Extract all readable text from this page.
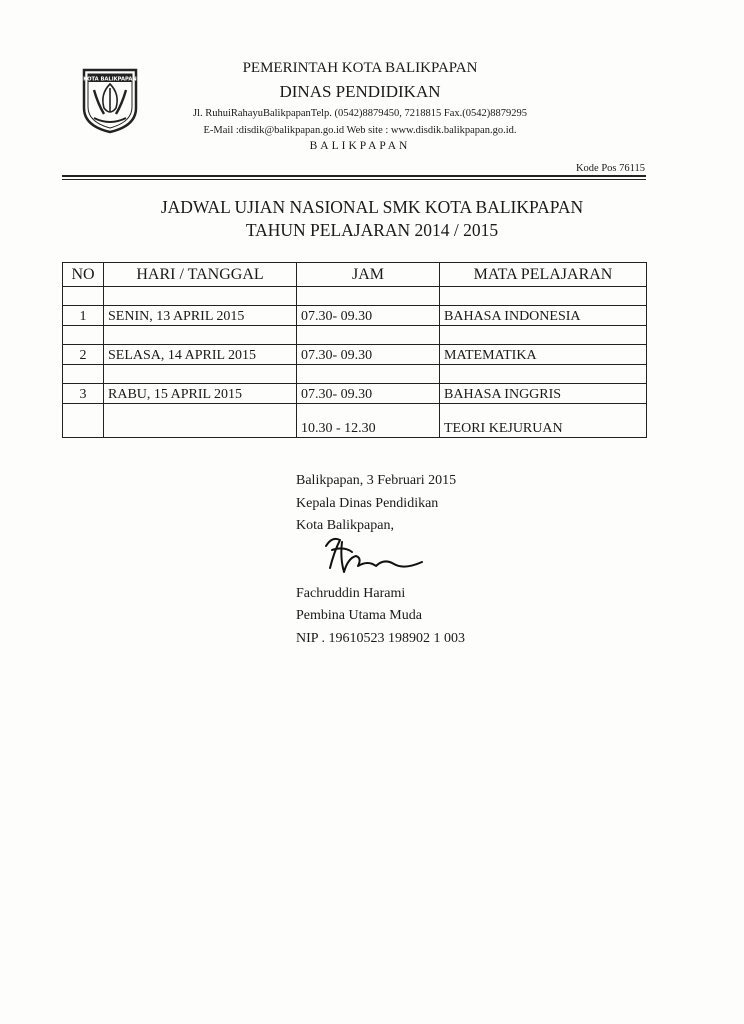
KOTA BALIKPAPAN
PEMERINTAH KOTA BALIKPAPAN
DINAS PENDIDIKAN
Jl. RuhuiRahayuBalikpapanTelp. (0542)8879450, 7218815 Fax.(0542)8879295
E-Mail :disdik@balikpapan.go.id Web site : www.disdik.balikpapan.go.id.
BALIKPAPAN
Kode Pos 76115
JADWAL UJIAN NASIONAL SMK KOTA BALIKPAPAN
TAHUN PELAJARAN 2014 / 2015
NO	HARI / TANGGAL	JAM	MATA PELAJARAN

1	SENIN, 13 APRIL 2015	07.30- 09.30	BAHASA INDONESIA

2	SELASA, 14 APRIL 2015	07.30- 09.30	MATEMATIKA

3	RABU, 15 APRIL 2015	07.30- 09.30	BAHASA INGGRIS
		10.30 - 12.30	TEORI KEJURUAN
Balikpapan, 3 Februari 2015
Kepala Dinas Pendidikan
Kota Balikpapan,
Fachruddin Harami
Pembina Utama Muda
NIP . 19610523 198902 1 003
